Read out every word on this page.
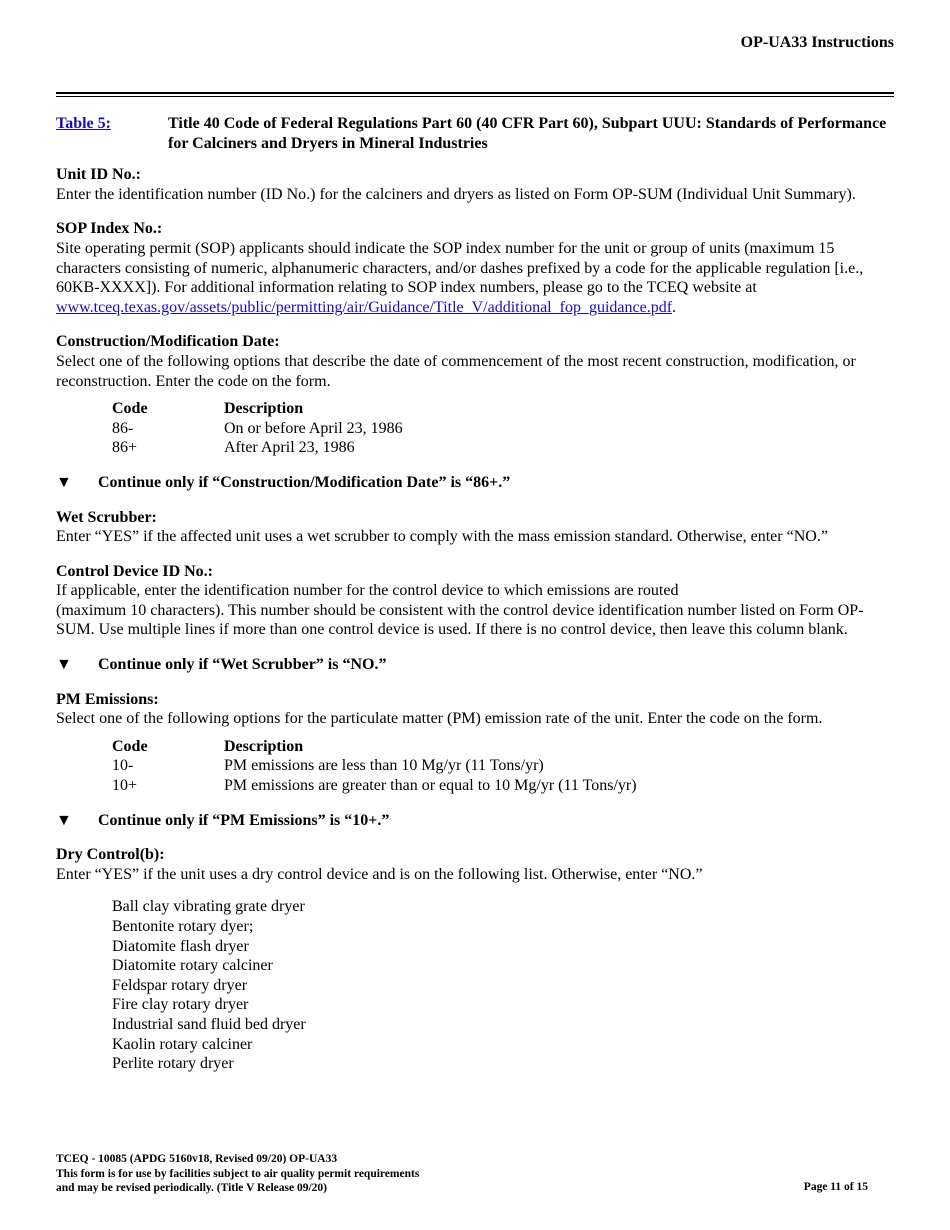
OP-UA33 Instructions
Table 5:	Title 40 Code of Federal Regulations Part 60 (40 CFR Part 60), Subpart UUU: Standards of Performance for Calciners and Dryers in Mineral Industries
Unit ID No.:
Enter the identification number (ID No.) for the calciners and dryers as listed on Form OP-SUM (Individual Unit Summary).
SOP Index No.:
Site operating permit (SOP) applicants should indicate the SOP index number for the unit or group of units (maximum 15 characters consisting of numeric, alphanumeric characters, and/or dashes prefixed by a code for the applicable regulation [i.e., 60KB-XXXX]). For additional information relating to SOP index numbers, please go to the TCEQ website at www.tceq.texas.gov/assets/public/permitting/air/Guidance/Title_V/additional_fop_guidance.pdf.
Construction/Modification Date:
Select one of the following options that describe the date of commencement of the most recent construction, modification, or reconstruction. Enter the code on the form.
Code	Description
86-	On or before April 23, 1986
86+	After April 23, 1986
▼	Continue only if “Construction/Modification Date” is “86+.”
Wet Scrubber:
Enter “YES” if the affected unit uses a wet scrubber to comply with the mass emission standard. Otherwise, enter “NO.”
Control Device ID No.:
If applicable, enter the identification number for the control device to which emissions are routed
(maximum 10 characters). This number should be consistent with the control device identification number listed on Form OP-SUM. Use multiple lines if more than one control device is used. If there is no control device, then leave this column blank.
▼	Continue only if “Wet Scrubber” is “NO.”
PM Emissions:
Select one of the following options for the particulate matter (PM) emission rate of the unit. Enter the code on the form.
Code	Description
10-	PM emissions are less than 10 Mg/yr (11 Tons/yr)
10+	PM emissions are greater than or equal to 10 Mg/yr (11 Tons/yr)
▼	Continue only if “PM Emissions” is “10+.”
Dry Control(b):
Enter “YES” if the unit uses a dry control device and is on the following list. Otherwise, enter “NO.”
Ball clay vibrating grate dryer
Bentonite rotary dyer;
Diatomite flash dryer
Diatomite rotary calciner
Feldspar rotary dryer
Fire clay rotary dryer
Industrial sand fluid bed dryer
Kaolin rotary calciner
Perlite rotary dryer
TCEQ - 10085 (APDG 5160v18, Revised 09/20) OP-UA33
This form is for use by facilities subject to air quality permit requirements
and may be revised periodically. (Title V Release 09/20)	Page 11 of 15
